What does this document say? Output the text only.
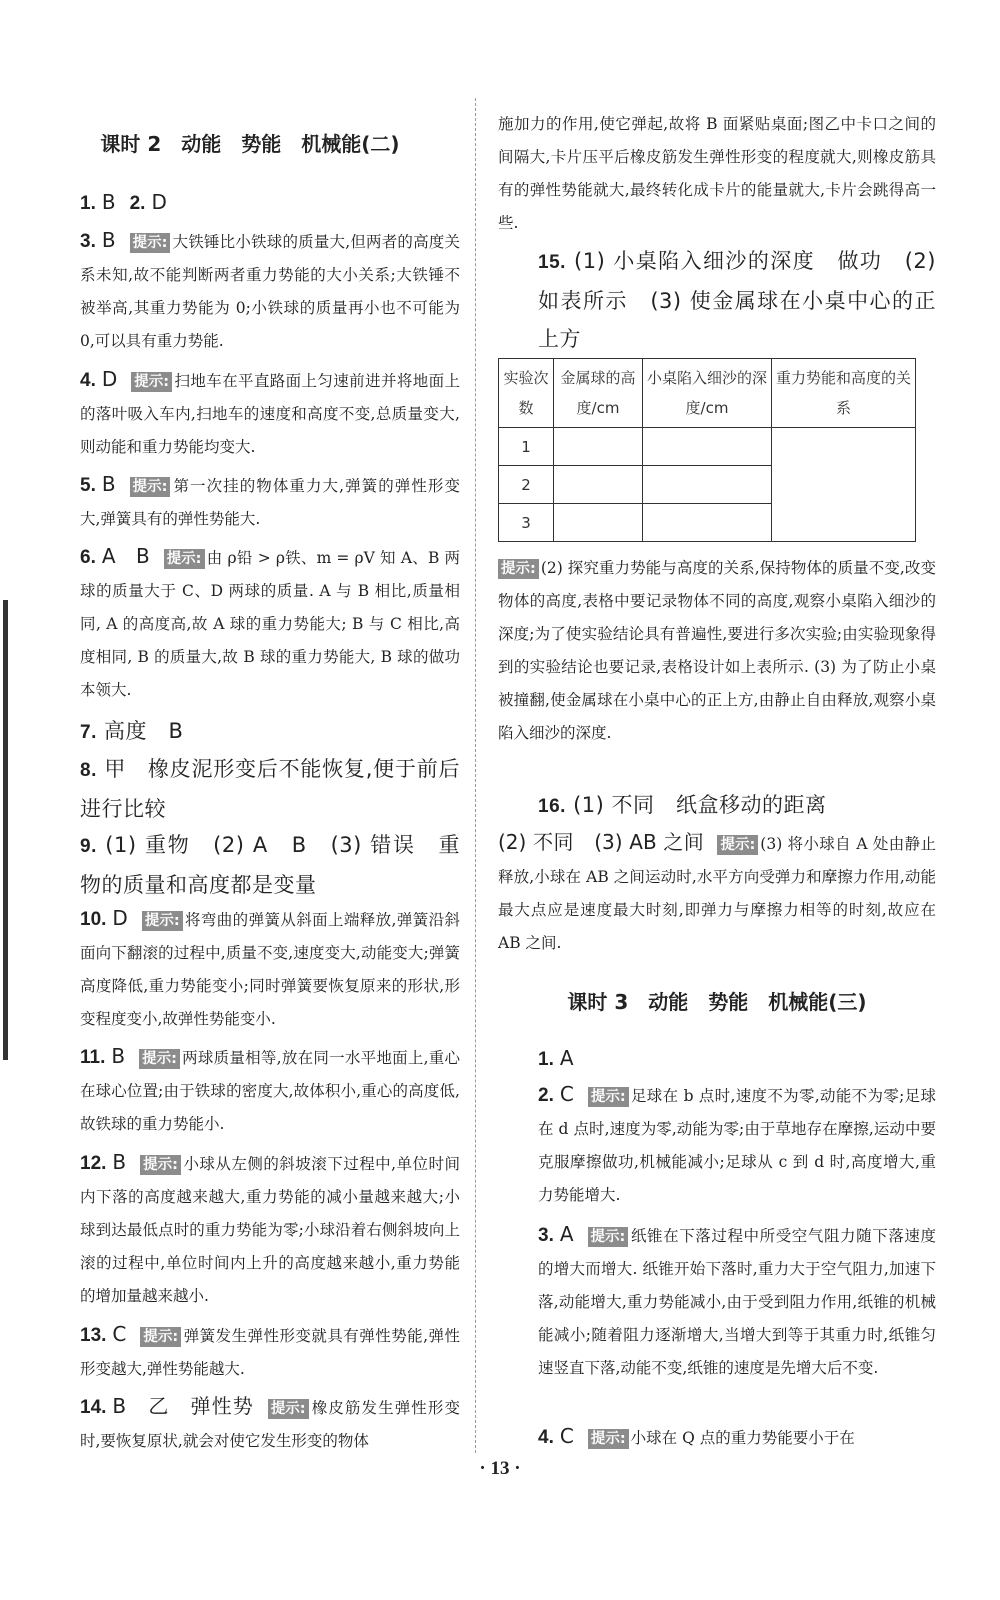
课时 2　动能　势能　机械能(二)
1. B 2. D
3. B 提示: 大铁锤比小铁球的质量大,但两者的高度关系未知,故不能判断两者重力势能的大小关系;大铁锤不被举高,其重力势能为 0;小铁球的质量再小也不可能为 0,可以具有重力势能.
4. D 提示: 扫地车在平直路面上匀速前进并将地面上的落叶吸入车内,扫地车的速度和高度不变,总质量变大,则动能和重力势能均变大.
5. B 提示: 第一次挂的物体重力大,弹簧的弹性形变大,弹簧具有的弹性势能大.
6. A　B 提示: 由 ρ铅 > ρ铁、m = ρV 知 A、B 两球的质量大于 C、D 两球的质量. A 与 B 相比,质量相同, A 的高度高,故 A 球的重力势能大; B 与 C 相比,高度相同, B 的质量大,故 B 球的重力势能大, B 球的做功本领大.
7. 高度　B
8. 甲　橡皮泥形变后不能恢复,便于前后进行比较
9. (1) 重物　(2) A　B　(3) 错误　重物的质量和高度都是变量
10. D 提示: 将弯曲的弹簧从斜面上端释放,弹簧沿斜面向下翻滚的过程中,质量不变,速度变大,动能变大;弹簧高度降低,重力势能变小;同时弹簧要恢复原来的形状,形变程度变小,故弹性势能变小.
11. B 提示: 两球质量相等,放在同一水平地面上,重心在球心位置;由于铁球的密度大,故体积小,重心的高度低,故铁球的重力势能小.
12. B 提示: 小球从左侧的斜坡滚下过程中,单位时间内下落的高度越来越大,重力势能的减小量越来越大;小球到达最低点时的重力势能为零;小球沿着右侧斜坡向上滚的过程中,单位时间内上升的高度越来越小,重力势能的增加量越来越小.
13. C 提示: 弹簧发生弹性形变就具有弹性势能,弹性形变越大,弹性势能越大.
14. B　乙　弹性势 提示: 橡皮筋发生弹性形变时,要恢复原状,就会对使它发生形变的物体
施加力的作用,使它弹起,故将 B 面紧贴桌面;图乙中卡口之间的间隔大,卡片压平后橡皮筋发生弹性形变的程度就大,则橡皮筋具有的弹性势能就大,最终转化成卡片的能量就大,卡片会跳得高一些.
15. (1) 小桌陷入细沙的深度　做功　(2) 如表所示　(3) 使金属球在小桌中心的正上方
实验次数	金属球的高度/cm	小桌陷入细沙的深度/cm	重力势能和高度的关系
1			
2			
3			
提示: (2) 探究重力势能与高度的关系,保持物体的质量不变,改变物体的高度,表格中要记录物体不同的高度,观察小桌陷入细沙的深度;为了使实验结论具有普遍性,要进行多次实验;由实验现象得到的实验结论也要记录,表格设计如上表所示. (3) 为了防止小桌被撞翻,使金属球在小桌中心的正上方,由静止自由释放,观察小桌陷入细沙的深度.
16. (1) 不同　纸盒移动的距离
(2) 不同　(3) AB 之间 提示: (3) 将小球自 A 处由静止释放,小球在 AB 之间运动时,水平方向受弹力和摩擦力作用,动能最大点应是速度最大时刻,即弹力与摩擦力相等的时刻,故应在 AB 之间.
课时 3　动能　势能　机械能(三)
1. A
2. C 提示: 足球在 b 点时,速度不为零,动能不为零;足球在 d 点时,速度为零,动能为零;由于草地存在摩擦,运动中要克服摩擦做功,机械能减小;足球从 c 到 d 时,高度增大,重力势能增大.
3. A 提示: 纸锥在下落过程中所受空气阻力随下落速度的增大而增大. 纸锥开始下落时,重力大于空气阻力,加速下落,动能增大,重力势能减小,由于受到阻力作用,纸锥的机械能减小;随着阻力逐渐增大,当增大到等于其重力时,纸锥匀速竖直下落,动能不变,纸锥的速度是先增大后不变.
4. C 提示: 小球在 Q 点的重力势能要小于在
· 13 ·
